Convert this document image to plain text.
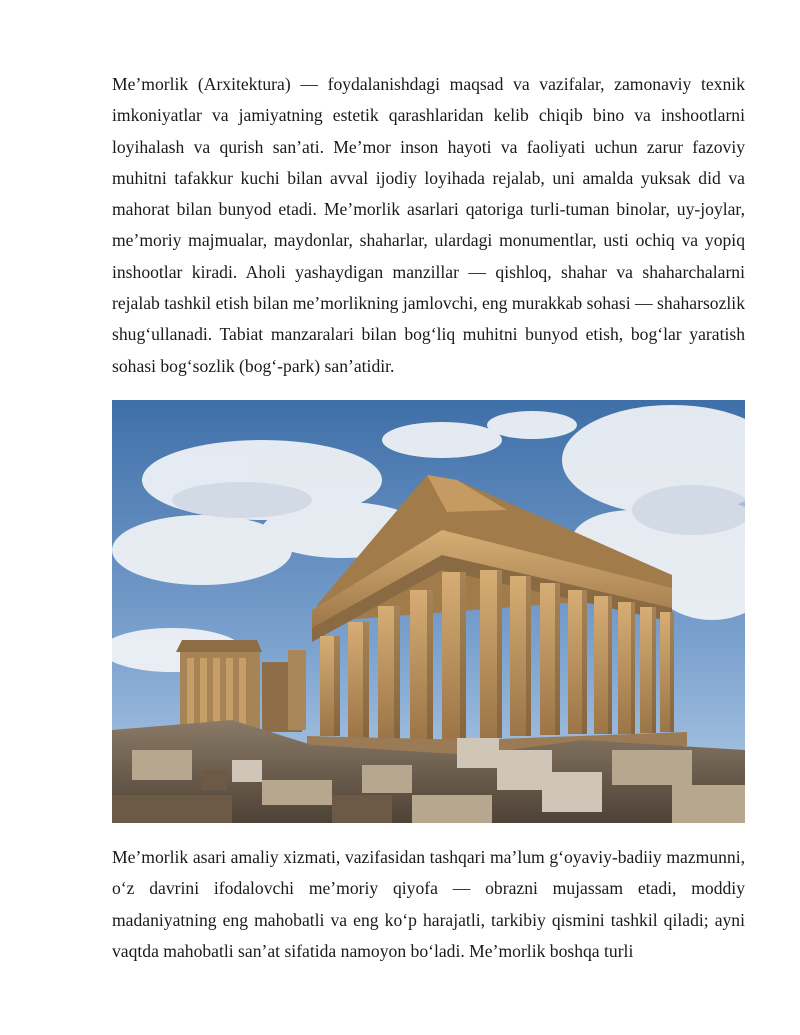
Me’morlik (Arxitektura) — foydalanishdagi maqsad va vazifalar, zamonaviy texnik imkoniyatlar va jamiyatning estetik qarashlaridan kelib chiqib bino va inshootlarni loyihalash va qurish san’ati. Me’mor inson hayoti va faoliyati uchun zarur fazoviy muhitni tafakkur kuchi bilan avval ijodiy loyihada rejalab, uni amalda yuksak did va mahorat bilan bunyod etadi. Me’morlik asarlari qatoriga turli-tuman binolar, uy-joylar, me’moriy majmualar, maydonlar, shaharlar, ulardagi monumentlar, usti ochiq va yopiq inshootlar kiradi. Aholi yashaydigan manzillar — qishloq, shahar va shaharchalarni rejalab tashkil etish bilan me’morlikning jamlovchi, eng murakkab sohasi — shaharsozlik shug‘ullanadi. Tabiat manzaralari bilan bog‘liq muhitni bunyod etish, bog‘lar yaratish sohasi bog‘sozlik (bog‘-park) san’atidir.

Me’morlik asari amaliy xizmati, vazifasidan tashqari ma’lum g‘oyaviy-badiiy mazmunni, o‘z davrini ifodalovchi me’moriy qiyofa — obrazni mujassam etadi, moddiy madaniyatning eng mahobatli va eng ko‘p harajatli, tarkibiy qismini tashkil qiladi; ayni vaqtda mahobatli san’at sifatida namoyon bo‘ladi. Me’morlik boshqa turli
